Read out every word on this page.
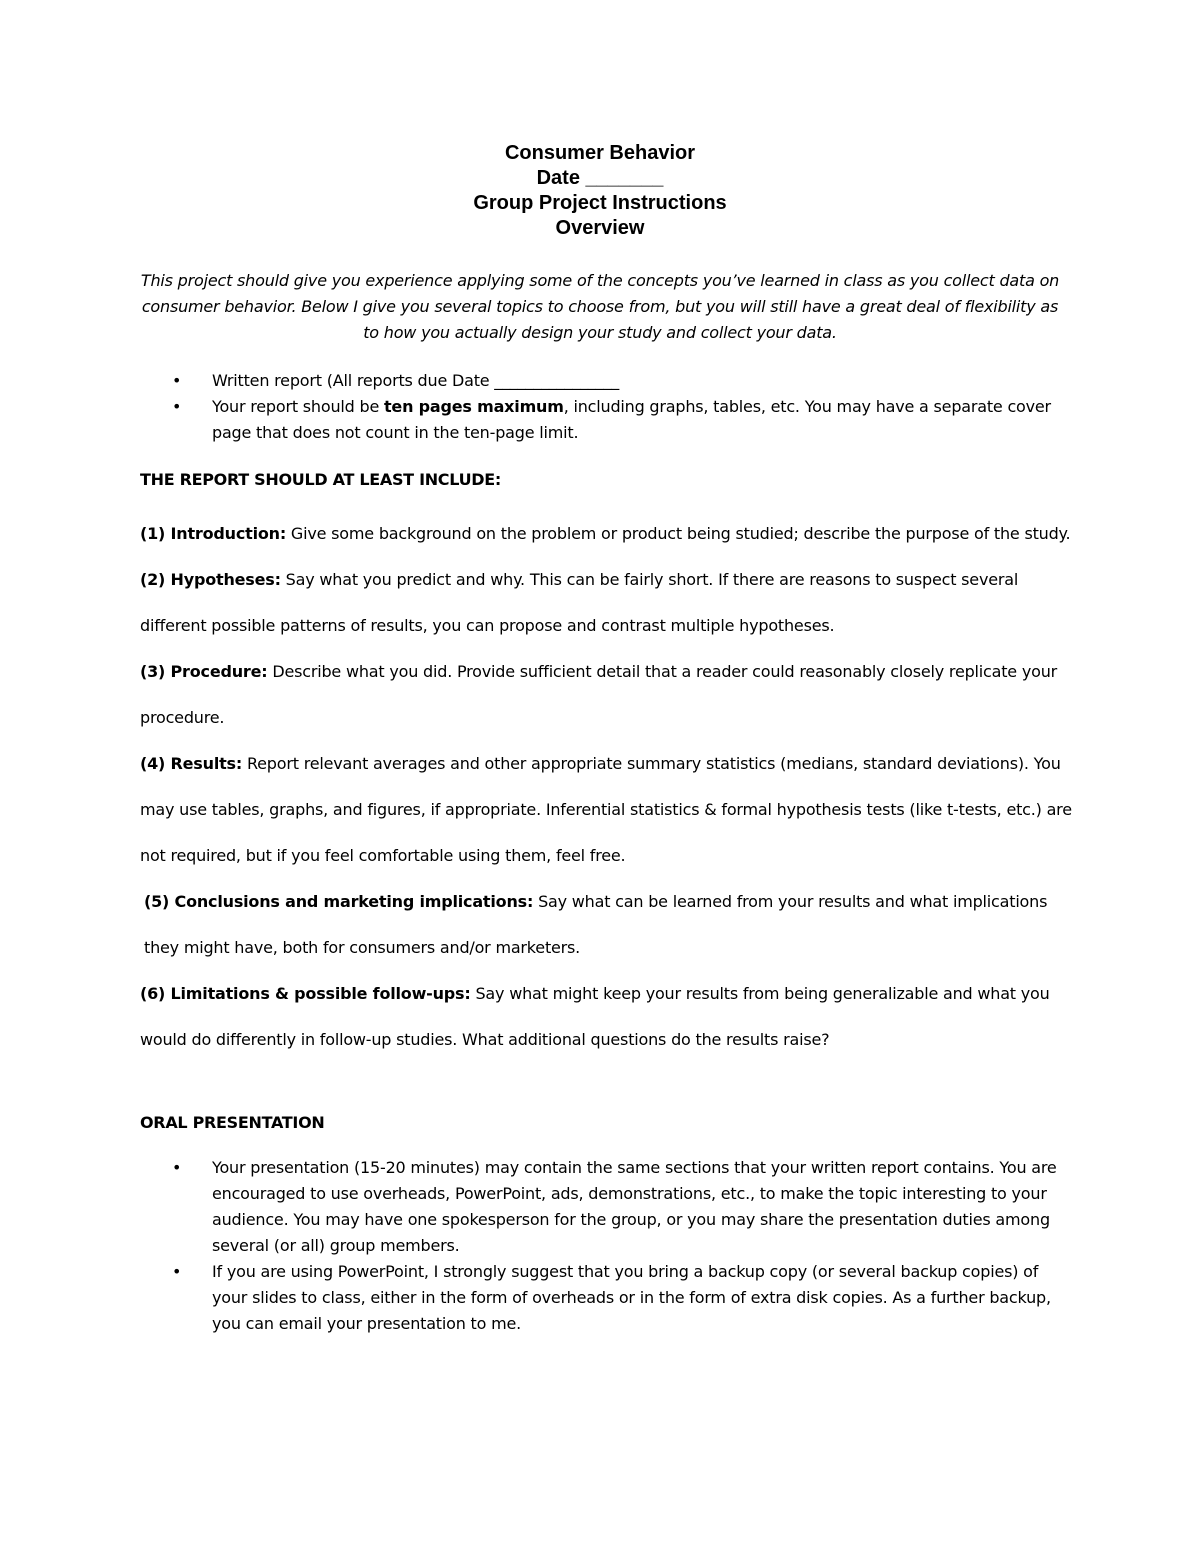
Consumer Behavior
Date _______
Group Project Instructions
Overview
This project should give you experience applying some of the concepts you’ve learned in class as you collect data on consumer behavior. Below I give you several topics to choose from, but you will still have a great deal of flexibility as to how you actually design your study and collect your data.
• Written report (All reports due Date ________________
• Your report should be ten pages maximum, including graphs, tables, etc. You may have a separate cover page that does not count in the ten-page limit.
THE REPORT SHOULD AT LEAST INCLUDE:

(1) Introduction: Give some background on the problem or product being studied; describe the purpose of the study.

(2) Hypotheses: Say what you predict and why. This can be fairly short. If there are reasons to suspect several different possible patterns of results, you can propose and contrast multiple hypotheses.

(3) Procedure: Describe what you did. Provide sufficient detail that a reader could reasonably closely replicate your procedure.

(4) Results: Report relevant averages and other appropriate summary statistics (medians, standard deviations). You may use tables, graphs, and figures, if appropriate. Inferential statistics & formal hypothesis tests (like t-tests, etc.) are not required, but if you feel comfortable using them, feel free.

(5) Conclusions and marketing implications: Say what can be learned from your results and what implications they might have, both for consumers and/or marketers.

(6) Limitations & possible follow-ups: Say what might keep your results from being generalizable and what you would do differently in follow-up studies. What additional questions do the results raise?

ORAL PRESENTATION
• Your presentation (15-20 minutes) may contain the same sections that your written report contains. You are encouraged to use overheads, PowerPoint, ads, demonstrations, etc., to make the topic interesting to your audience. You may have one spokesperson for the group, or you may share the presentation duties among several (or all) group members.
• If you are using PowerPoint, I strongly suggest that you bring a backup copy (or several backup copies) of your slides to class, either in the form of overheads or in the form of extra disk copies. As a further backup, you can email your presentation to me.
